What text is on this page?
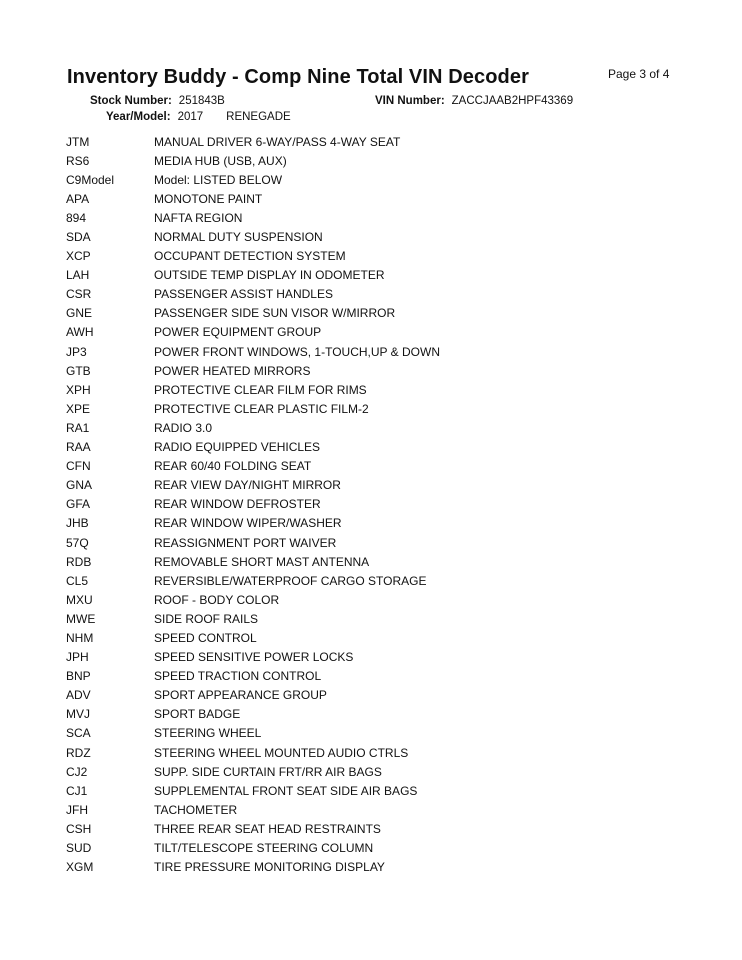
Inventory Buddy - Comp Nine Total VIN Decoder	Page 3 of 4
Stock Number: 251843B	VIN Number: ZACCJAAB2HPF43369
Year/Model: 2017 RENEGADE
JTM	MANUAL DRIVER 6-WAY/PASS 4-WAY SEAT
RS6	MEDIA HUB (USB, AUX)
C9Model	Model: LISTED BELOW
APA	MONOTONE PAINT
894	NAFTA REGION
SDA	NORMAL DUTY SUSPENSION
XCP	OCCUPANT DETECTION SYSTEM
LAH	OUTSIDE TEMP DISPLAY IN ODOMETER
CSR	PASSENGER ASSIST HANDLES
GNE	PASSENGER SIDE SUN VISOR W/MIRROR
AWH	POWER EQUIPMENT GROUP
JP3	POWER FRONT WINDOWS, 1-TOUCH,UP & DOWN
GTB	POWER HEATED MIRRORS
XPH	PROTECTIVE CLEAR FILM FOR RIMS
XPE	PROTECTIVE CLEAR PLASTIC FILM-2
RA1	RADIO 3.0
RAA	RADIO EQUIPPED VEHICLES
CFN	REAR 60/40 FOLDING SEAT
GNA	REAR VIEW DAY/NIGHT MIRROR
GFA	REAR WINDOW DEFROSTER
JHB	REAR WINDOW WIPER/WASHER
57Q	REASSIGNMENT PORT WAIVER
RDB	REMOVABLE SHORT MAST ANTENNA
CL5	REVERSIBLE/WATERPROOF CARGO STORAGE
MXU	ROOF - BODY COLOR
MWE	SIDE ROOF RAILS
NHM	SPEED CONTROL
JPH	SPEED SENSITIVE POWER LOCKS
BNP	SPEED TRACTION CONTROL
ADV	SPORT APPEARANCE GROUP
MVJ	SPORT BADGE
SCA	STEERING WHEEL
RDZ	STEERING WHEEL MOUNTED AUDIO CTRLS
CJ2	SUPP. SIDE CURTAIN FRT/RR AIR BAGS
CJ1	SUPPLEMENTAL FRONT SEAT SIDE AIR BAGS
JFH	TACHOMETER
CSH	THREE REAR SEAT HEAD RESTRAINTS
SUD	TILT/TELESCOPE STEERING COLUMN
XGM	TIRE PRESSURE MONITORING DISPLAY
